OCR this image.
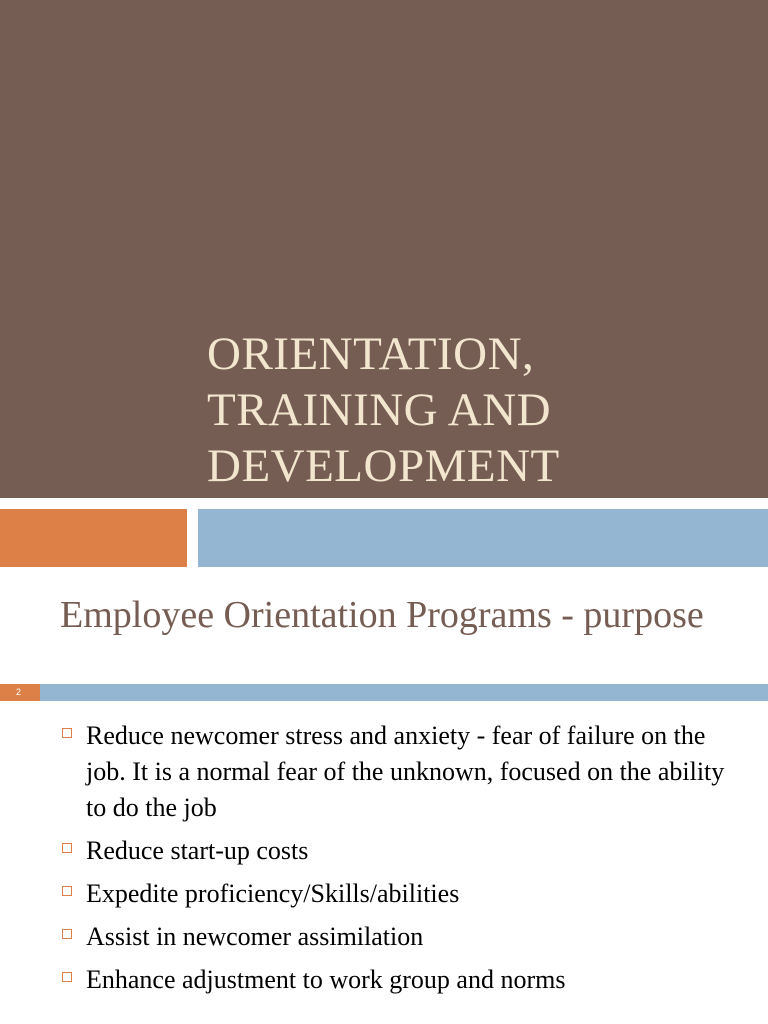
ORIENTATION,
TRAINING AND
DEVELOPMENT
Employee Orientation Programs - purpose
2
Reduce newcomer stress and anxiety - fear of failure on the job. It is a normal fear of the unknown, focused on the ability to do the job
Reduce start-up costs
Expedite proficiency/Skills/abilities
Assist in newcomer assimilation
Enhance adjustment to work group and norms
